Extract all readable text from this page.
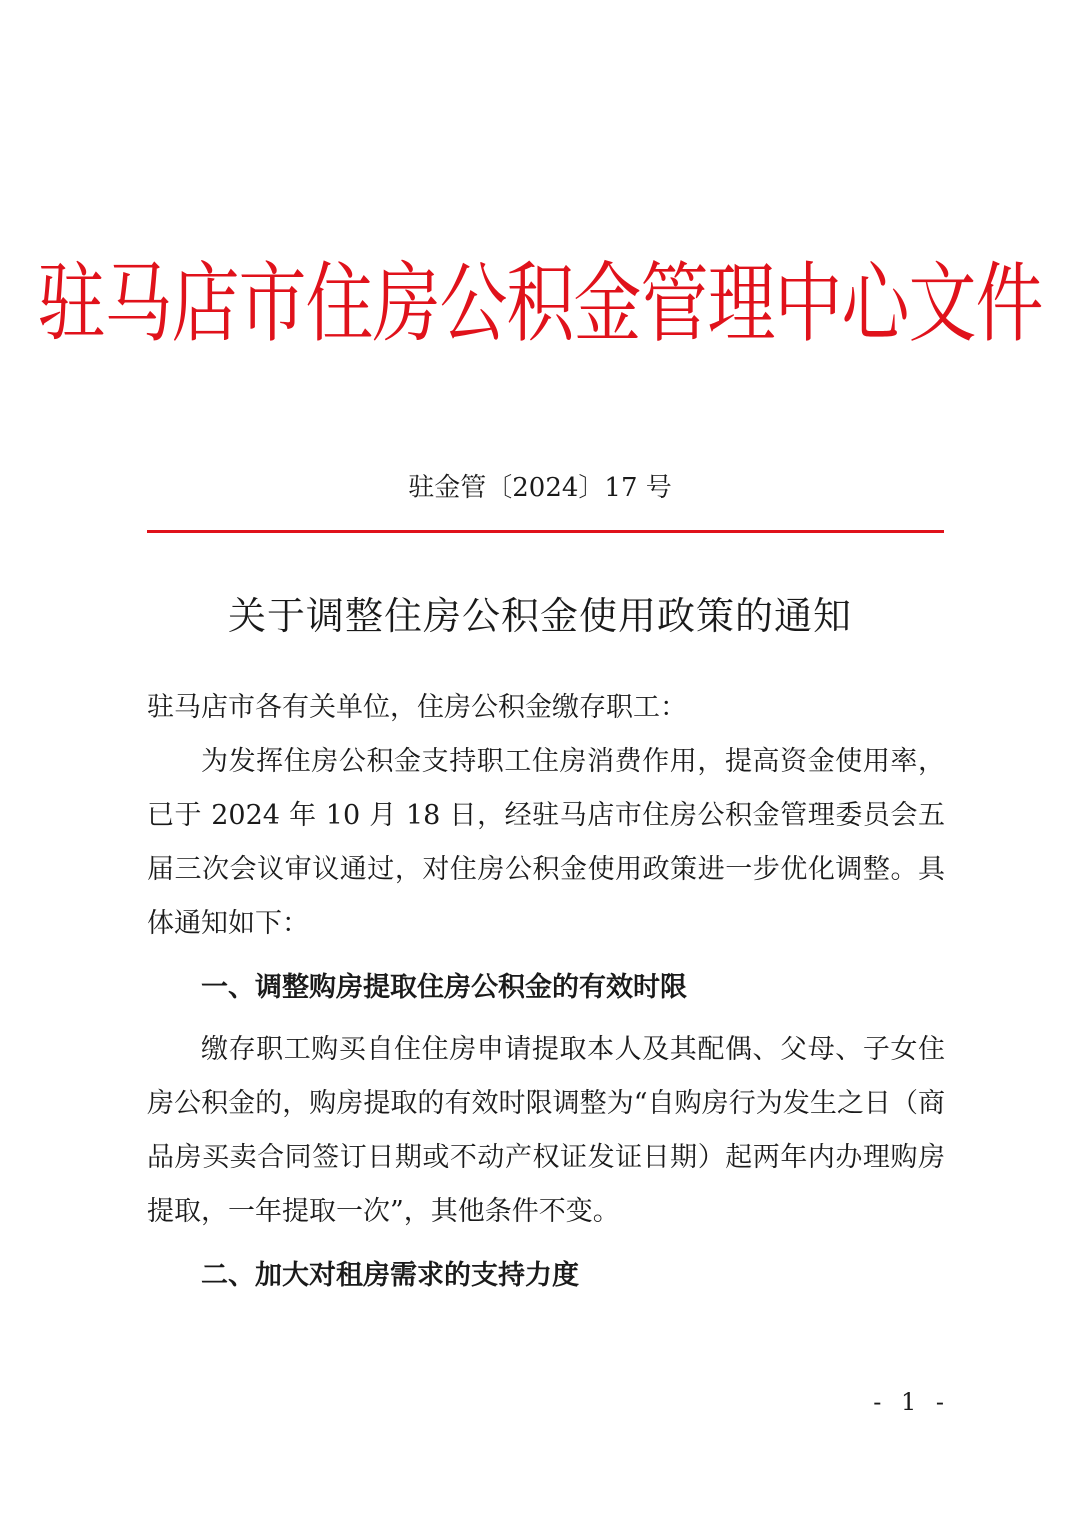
驻马店市住房公积金管理中心文件
驻金管〔2024〕17 号
关于调整住房公积金使用政策的通知

驻马店市各有关单位，住房公积金缴存职工：

为发挥住房公积金支持职工住房消费作用，提高资金使用率，已于 2024 年 10 月 18 日，经驻马店市住房公积金管理委员会五届三次会议审议通过，对住房公积金使用政策进一步优化调整。具体通知如下：

一、调整购房提取住房公积金的有效时限

缴存职工购买自住住房申请提取本人及其配偶、父母、子女住房公积金的，购房提取的有效时限调整为“自购房行为发生之日（商品房买卖合同签订日期或不动产权证发证日期）起两年内办理购房提取，一年提取一次”，其他条件不变。

二、加大对租房需求的支持力度

- 1 -
